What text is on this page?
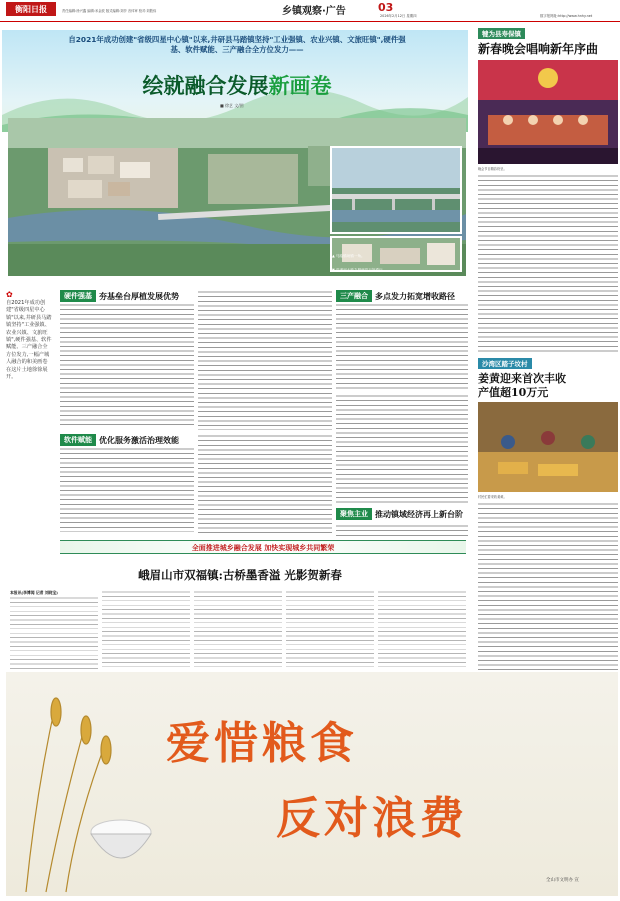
衡阳日报	责任编辑:徐兴鑫 编辑:米金波 版式编辑:刘莎 音体审 校对:刘胜伟	乡镇观察·广告	03
2026年2月12日 星期四	数字报网址:http://www.hnhy.net
自2021年成功创建"省级四星中心镇"以来,井研县马踏镇坚持"工业强镇、农业兴镇、文旅旺镇",硬件强基、软件赋能、三产融合全方位发力——
绘就融合发展新画卷
■ 徐艺 文/图
▲ 马踏镇场镇一角。
▼ 茫溪河大桥力桐两岸百姓通行。
✿
自2021年成功创建"省级四星中心镇"以来,井研县马踏镇坚持"工业强镇、农业兴镇、文旅旺镇",硬件强基、软件赋能、三产融合全方位发力,一幅产城人融合的和美画卷在这片土地徐徐展开。
硬件强基 夯基垒台厚植发展优势	三产融合 多点发力拓宽增收路径
软件赋能 优化服务激活治理效能
聚焦主业 推动镇域经济再上新台阶
全面推进城乡融合发展 加快实现城乡共同繁荣
峨眉山市双福镇:古桥墨香溢 光影贺新春
本报讯(李博闻 记者 刘晓宝)
犍为县寿保镇
新春晚会唱响新年序曲
晚会节目精彩纷呈。
沙湾区踏子坟村
姜黄迎来首次丰收
产值超10万元
村民忙着采收姜黄。
爱惜粮食
反对浪费
全山市文明办 宣
